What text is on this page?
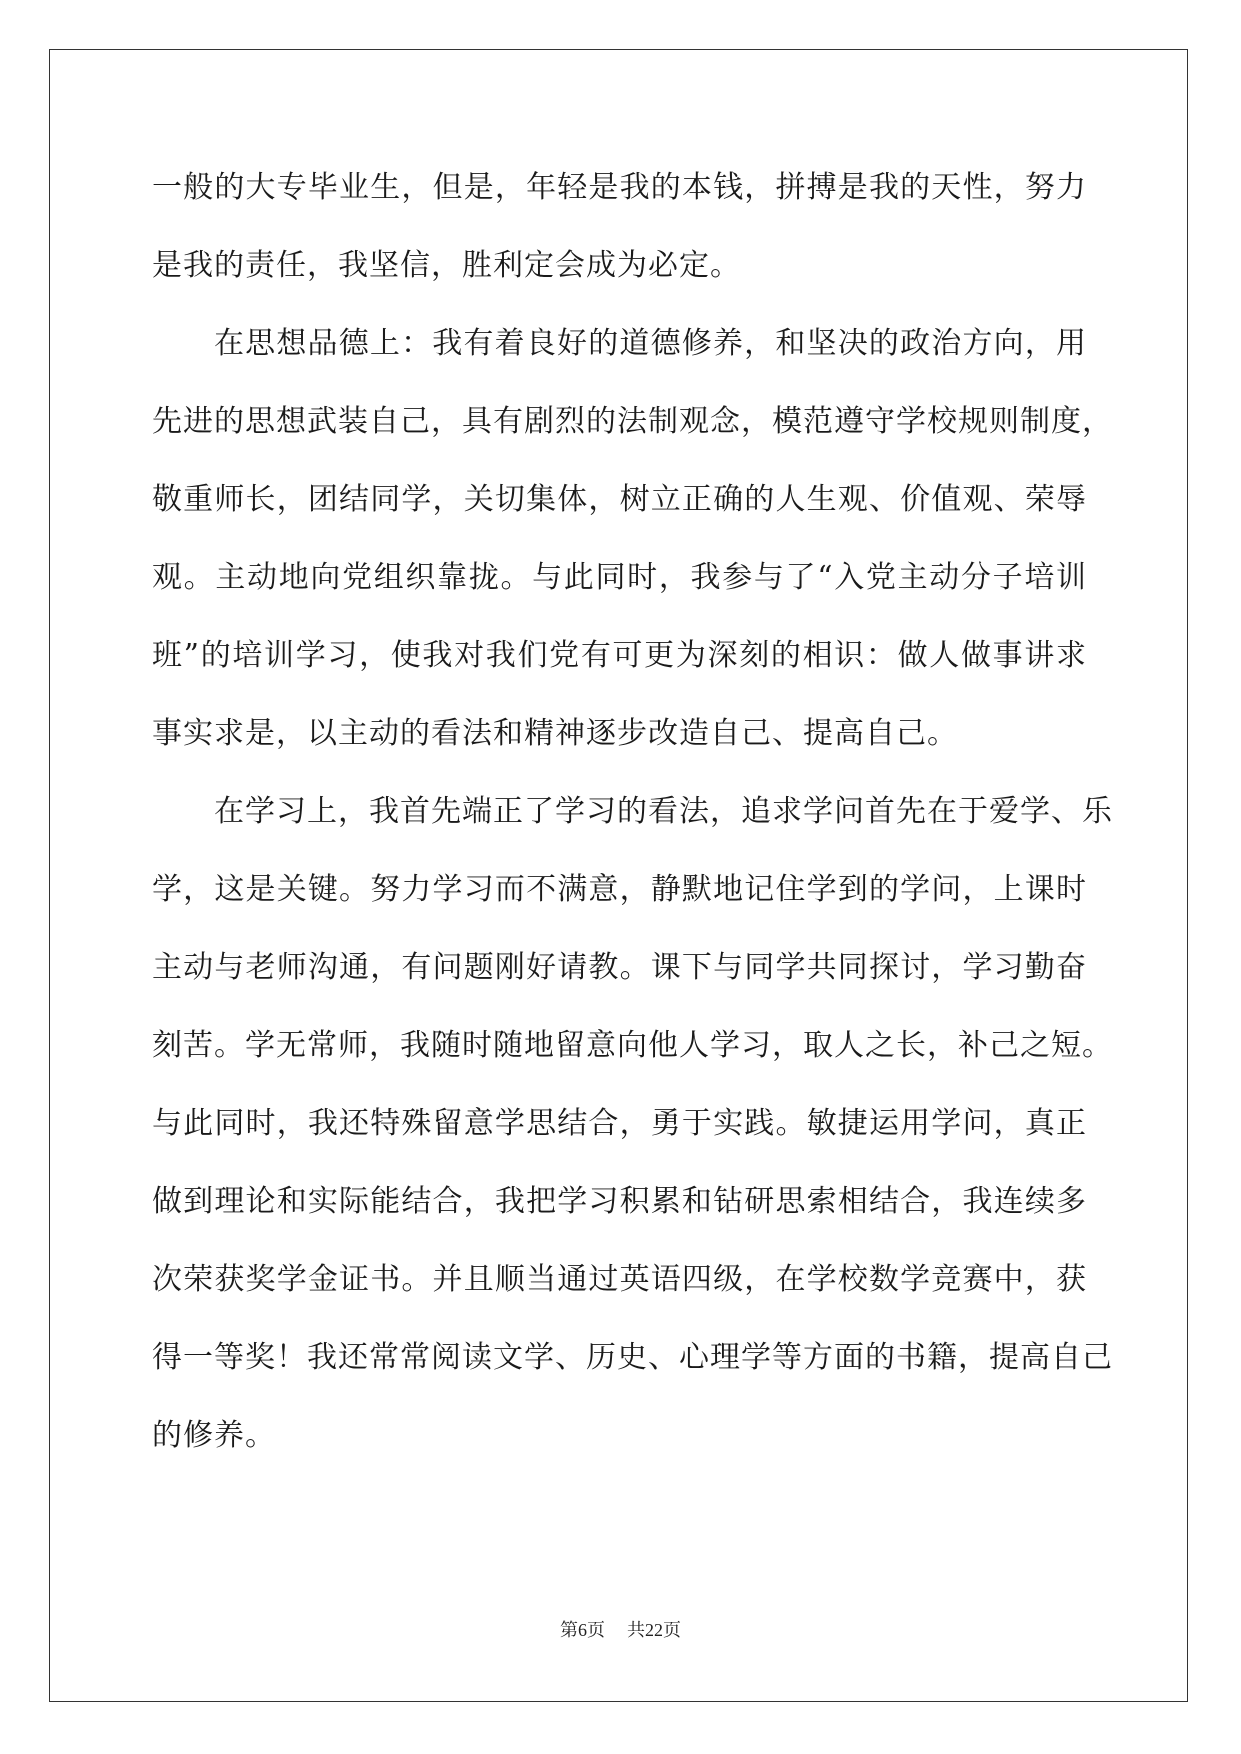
一般的大专毕业生，但是，年轻是我的本钱，拼搏是我的天性，努力
是我的责任，我坚信，胜利定会成为必定。
在思想品德上：我有着良好的道德修养，和坚决的政治方向，用
先进的思想武装自己，具有剧烈的法制观念，模范遵守学校规则制度，
敬重师长，团结同学，关切集体，树立正确的人生观、价值观、荣辱
观。主动地向党组织靠拢。与此同时，我参与了“入党主动分子培训
班”的培训学习，使我对我们党有可更为深刻的相识：做人做事讲求
事实求是，以主动的看法和精神逐步改造自己、提高自己。
在学习上，我首先端正了学习的看法，追求学问首先在于爱学、乐
学，这是关键。努力学习而不满意，静默地记住学到的学问，上课时
主动与老师沟通，有问题刚好请教。课下与同学共同探讨，学习勤奋
刻苦。学无常师，我随时随地留意向他人学习，取人之长，补己之短。
与此同时，我还特殊留意学思结合，勇于实践。敏捷运用学问，真正
做到理论和实际能结合，我把学习积累和钻研思索相结合，我连续多
次荣获奖学金证书。并且顺当通过英语四级，在学校数学竞赛中，获
得一等奖！我还常常阅读文学、历史、心理学等方面的书籍，提高自己
的修养。
第6页 共22页
